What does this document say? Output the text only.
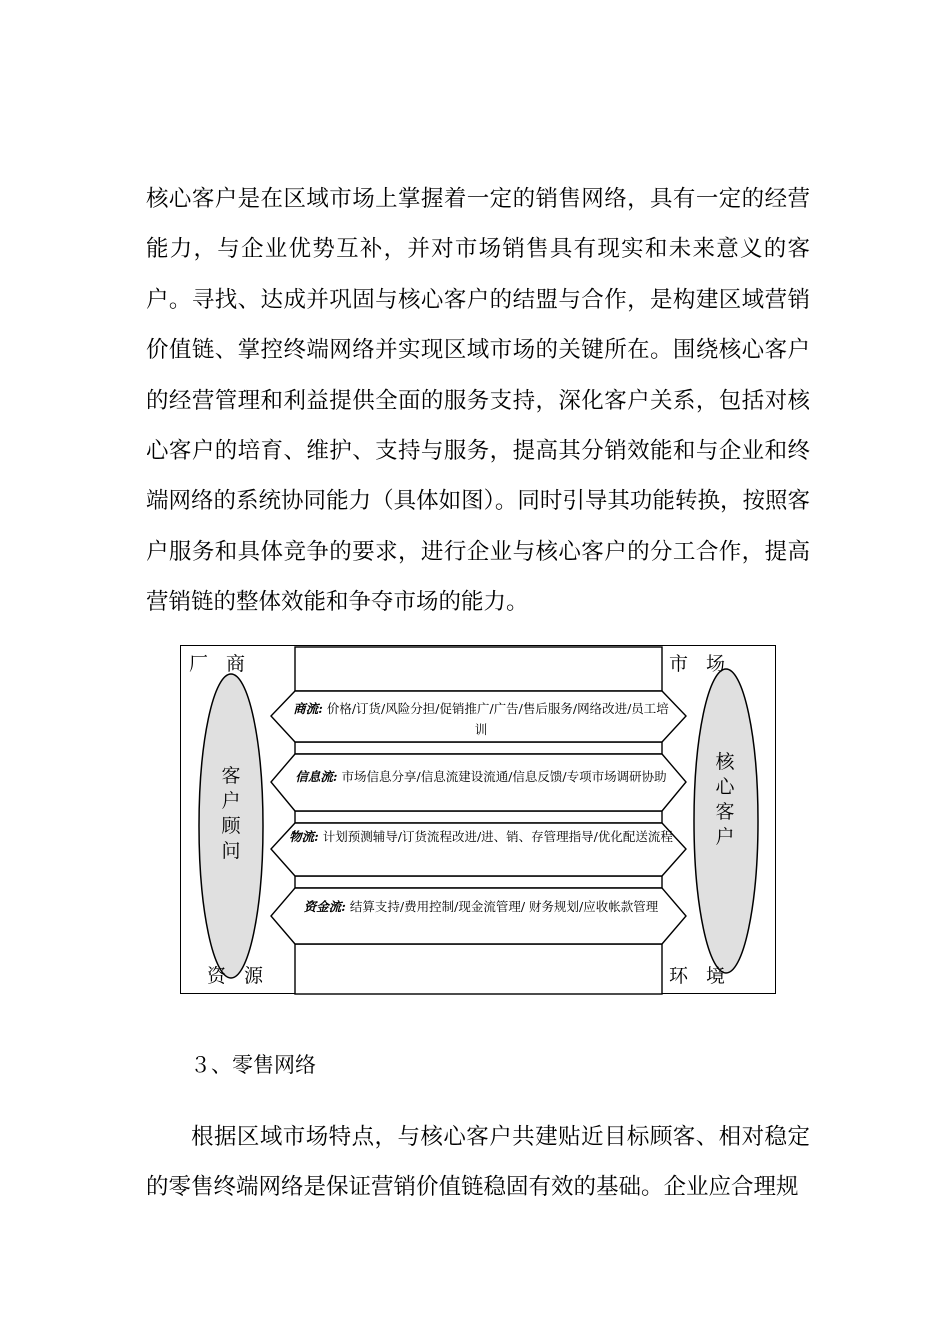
核心客户是在区域市场上掌握着一定的销售网络，具有一定的经营能力，与企业优势互补，并对市场销售具有现实和未来意义的客户。寻找、达成并巩固与核心客户的结盟与合作，是构建区域营销价值链、掌控终端网络并实现区域市场的关键所在。围绕核心客户的经营管理和利益提供全面的服务支持，深化客户关系，包括对核心客户的培育、维护、支持与服务，提高其分销效能和与企业和终端网络的系统协同能力（具体如图）。同时引导其功能转换，按照客户服务和具体竞争的要求，进行企业与核心客户的分工合作，提高营销链的整体效能和争夺市场的能力。
厂商	市场
资源	环境
客户顾问
核心客户
商流: 价格/订货/风险分担/促销推广/广告/售后服务/网络改进/员工培训
信息流: 市场信息分享/信息流建设流通/信息反馈/专项市场调研协助
物流: 计划预测辅导/订货流程改进/进、销、存管理指导/优化配送流程
资金流: 结算支持/费用控制/现金流管理/ 财务规划/应收帐款管理
３、零售网络
根据区域市场特点，与核心客户共建贴近目标顾客、相对稳定的零售终端网络是保证营销价值链稳固有效的基础。企业应合理规
